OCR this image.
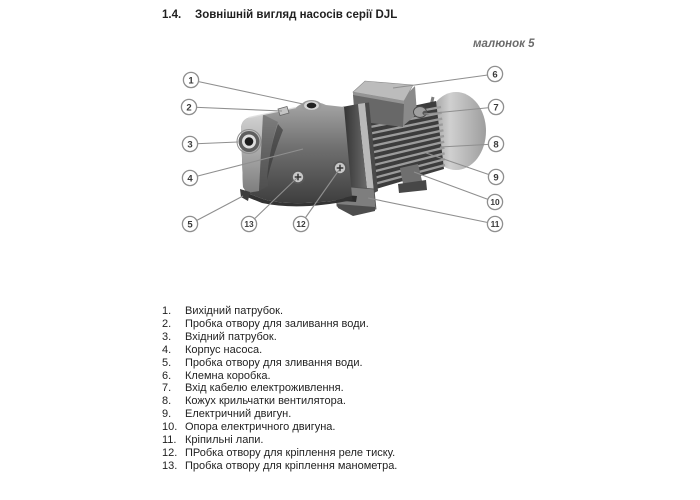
1.4. Зовнішній вигляд насосів серії DJL
малюнок 5
1
2
3
4
5
6
7
8
9
10
11
12
13
1.	Вихідний патрубок.
2.	Пробка отвору для заливання води.
3.	Вхідний патрубок.
4.	Корпус насоса.
5.	Пробка отвору для зливання води.
6.	Клемна коробка.
7.	Вхід кабелю електроживлення.
8.	Кожух крильчатки вентилятора.
9.	Електричний двигун.
10. Опора електричного двигуна.
11. Кріпильні лапи.
12. ПРобка отвору для кріплення реле тиску.
13. Пробка отвору для кріплення манометра.
